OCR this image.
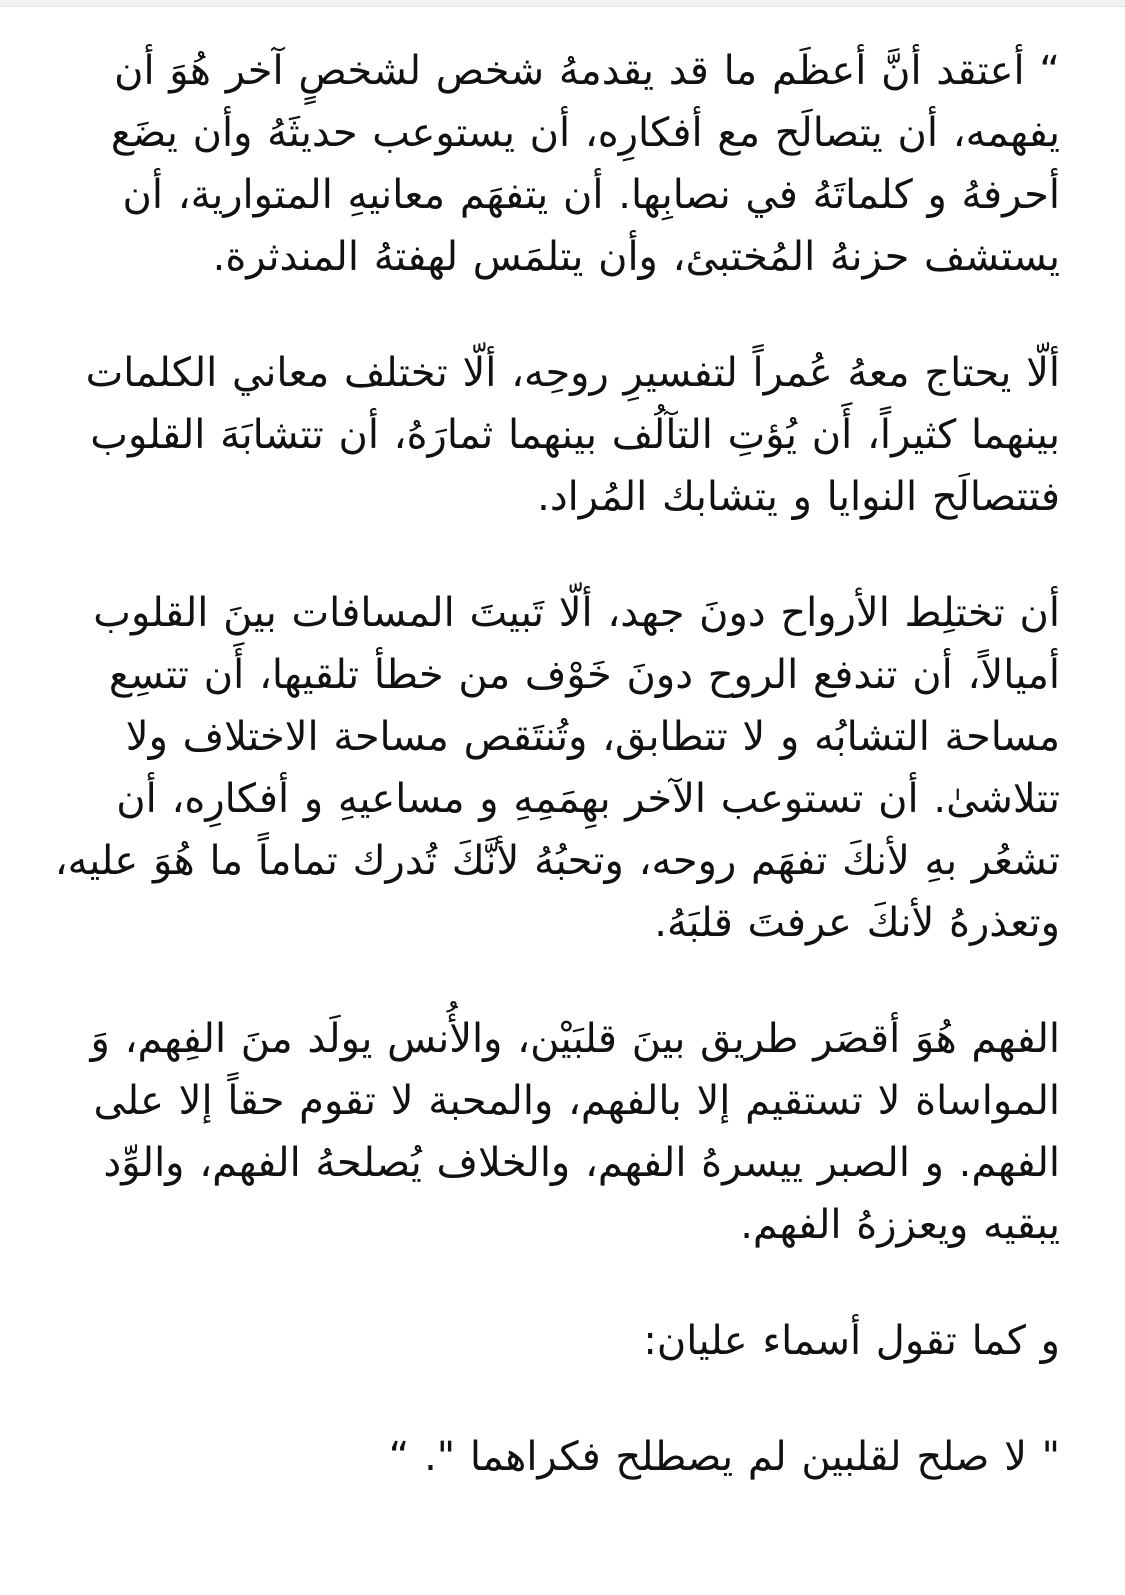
“ أعتقد أنَّ أعظَم ما قد يقدمهُ شخص لشخصٍ آخر هُوَ أن يفهمه، أن يتصالَح مع أفكارِه، أن يستوعب حديثَهُ وأن يضَع أحرفهُ و كلماتَهُ في نصابِها. أن يتفهَم معانيهِ المتوارية، أن يستشف حزنهُ المُختبئ، وأن يتلمَس لهفتهُ المندثرة.

ألّا يحتاج معهُ عُمراً لتفسيرِ روحِه، ألّا تختلف معاني الكلمات بينهما كثيراً، أَن يُؤتِ التآلُف بينهما ثمارَهُ، أن تتشابَهَ القلوب فتتصالَح النوايا و يتشابك المُراد.

أن تختلِط الأرواح دونَ جهد، ألّا تَبيتَ المسافات بينَ القلوب أميالاً، أن تندفع الروح دونَ خَوْف من خطأ تلقيها، أَن تتسِع مساحة التشابُه و لا تتطابق، وتُنتَقص مساحة الاختلاف ولا تتلاشىٰ. أن تستوعب الآخر بهِمَمِهِ و مساعيهِ و أفكارِه، أن تشعُر بهِ لأنكَ تفهَم روحه، وتحبُهُ لأنَّكَ تُدرك تماماً ما هُوَ عليه، وتعذرهُ لأنكَ عرفتَ قلبَهُ.

الفهم هُوَ أقصَر طريق بينَ قلبَيْن، والأُنس يولَد منَ الفِهم، وَ المواساة لا تستقيم إلا بالفهم، والمحبة لا تقوم حقاً إلا على الفهم. و الصبر ييسرهُ الفهم، والخلاف يُصلحهُ الفهم، والوِّد يبقيه ويعززهُ الفهم.

و كما تقول أسماء عليان:

" لا صلح لقلبين لم يصطلح فكراهما ". “
